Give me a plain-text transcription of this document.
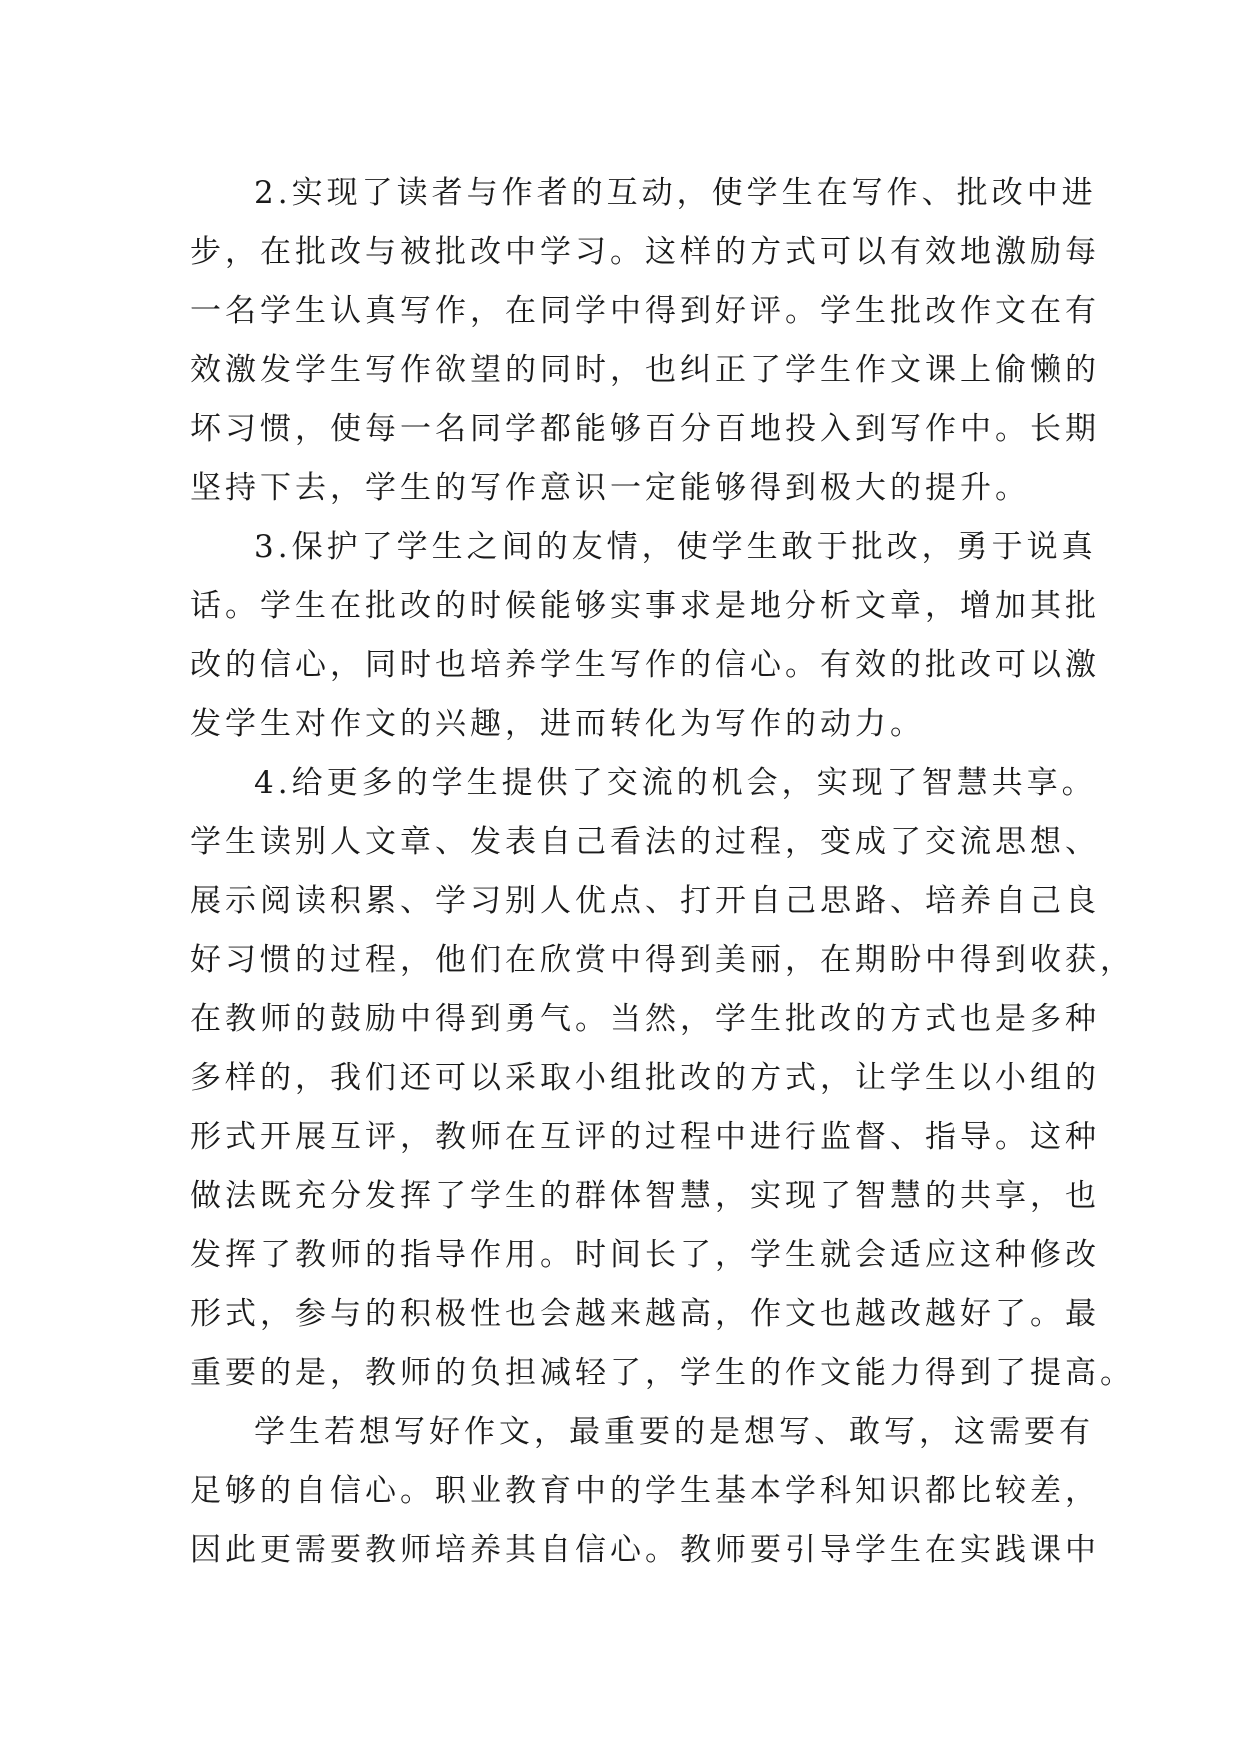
2.实现了读者与作者的互动，使学生在写作、批改中进
步，在批改与被批改中学习。这样的方式可以有效地激励每
一名学生认真写作，在同学中得到好评。学生批改作文在有
效激发学生写作欲望的同时，也纠正了学生作文课上偷懒的
坏习惯，使每一名同学都能够百分百地投入到写作中。长期
坚持下去，学生的写作意识一定能够得到极大的提升。
3.保护了学生之间的友情，使学生敢于批改，勇于说真
话。学生在批改的时候能够实事求是地分析文章，增加其批
改的信心，同时也培养学生写作的信心。有效的批改可以激
发学生对作文的兴趣，进而转化为写作的动力。
4.给更多的学生提供了交流的机会，实现了智慧共享。
学生读别人文章、发表自己看法的过程，变成了交流思想、
展示阅读积累、学习别人优点、打开自己思路、培养自己良
好习惯的过程，他们在欣赏中得到美丽，在期盼中得到收获，
在教师的鼓励中得到勇气。当然，学生批改的方式也是多种
多样的，我们还可以采取小组批改的方式，让学生以小组的
形式开展互评，教师在互评的过程中进行监督、指导。这种
做法既充分发挥了学生的群体智慧，实现了智慧的共享，也
发挥了教师的指导作用。时间长了，学生就会适应这种修改
形式，参与的积极性也会越来越高，作文也越改越好了。最
重要的是，教师的负担减轻了，学生的作文能力得到了提高。
学生若想写好作文，最重要的是想写、敢写，这需要有
足够的自信心。职业教育中的学生基本学科知识都比较差，
因此更需要教师培养其自信心。教师要引导学生在实践课中
